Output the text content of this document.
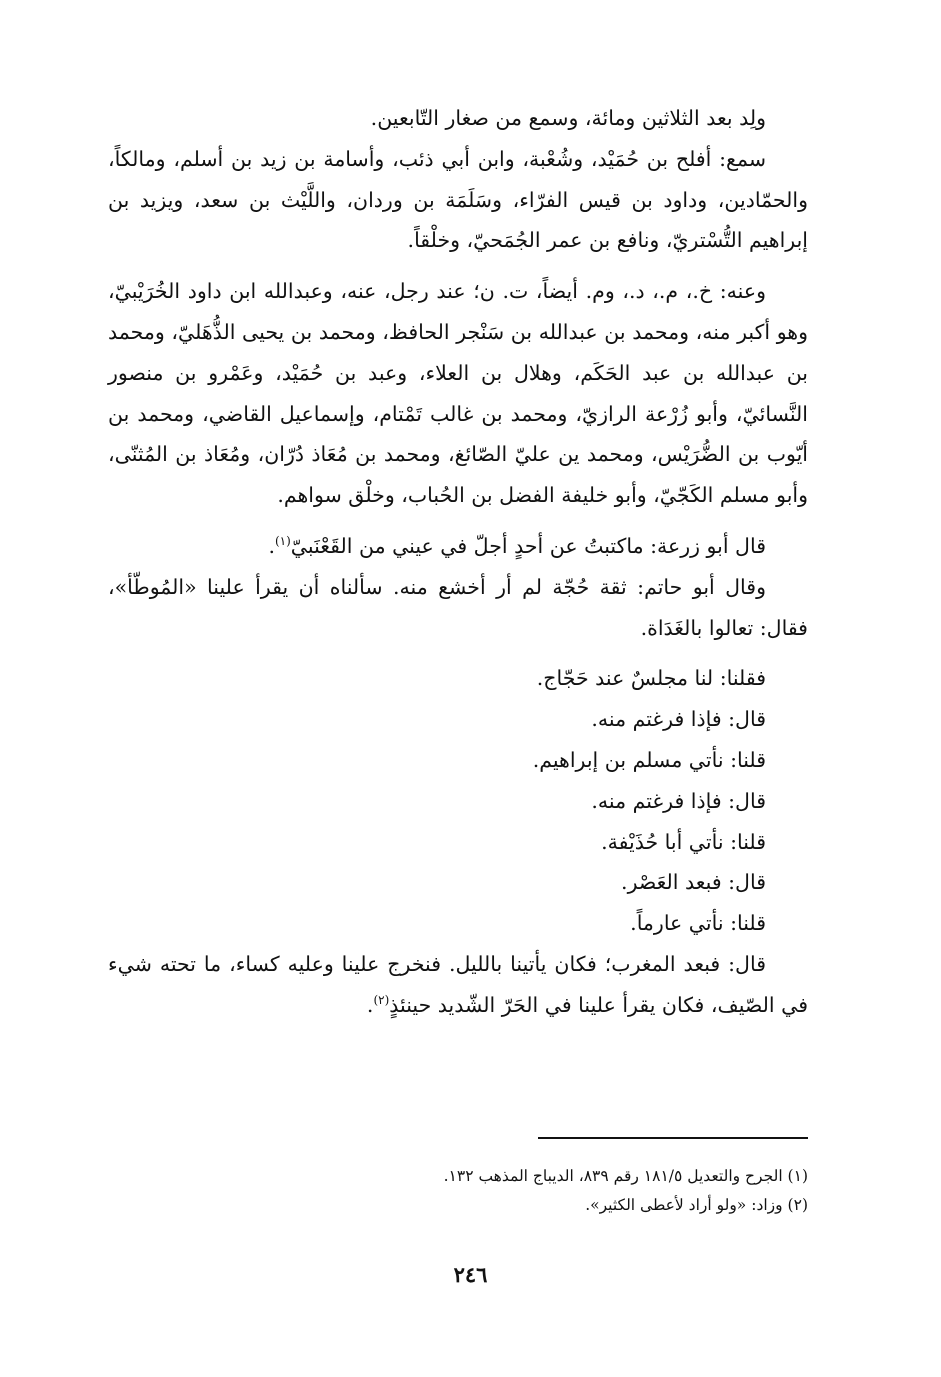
ولِد بعد الثلاثين ومائة، وسمع من صغار التّابعين.

سمع: أفلح بن حُمَيْد، وشُعْبة، وابن أبي ذئب، وأسامة بن زيد بن أسلم، ومالكاً، والحمّادين، وداود بن قيس الفرّاء، وسَلَمَة بن وردان، واللَّيْث بن سعد، ويزيد بن إبراهيم التُّسْتريّ، ونافع بن عمر الجُمَحيّ، وخلْقاً.

وعنه: خ.، م.، د.، وم. أيضاً، ت. ن؛ عند رجل، عنه، وعبدالله ابن داود الخُرَيْبيّ، وهو أكبر منه، ومحمد بن عبدالله بن سَنْجر الحافظ، ومحمد بن يحيى الذُّهَليّ، ومحمد بن عبدالله بن عبد الحَكَم، وهلال بن العلاء، وعبد بن حُمَيْد، وعَمْرو بن منصور النَّسائيّ، وأبو زُرْعة الرازيّ، ومحمد بن غالب تَمْتام، وإسماعيل القاضي، ومحمد بن أيّوب بن الضُّرَيْس، ومحمد ين عليّ الصّائغ، ومحمد بن مُعَاذ دُرّان، ومُعَاذ بن المُثنّى، وأبو مسلم الكَجّيّ، وأبو خليفة الفضل بن الحُباب، وخلْق سواهم.

قال أبو زرعة: ماكتبتُ عن أحدٍ أجلّ في عيني من القَعْنَبيّ$^{(١)}$.

وقال أبو حاتم: ثقة حُجّة لم أر أخشع منه. سألناه أن يقرأ علينا «المُوطّأ»، فقال: تعالوا بالغَدَاة.

فقلنا: لنا مجلسٌ عند حَجّاج.
قال: فإذا فرغتم منه.
قلنا: نأتي مسلم بن إبراهيم.
قال: فإذا فرغتم منه.
قلنا: نأتي أبا حُذَيْفة.
قال: فبعد العَصْر.
قلنا: نأتي عارماً.

قال: فبعد المغرب؛ فكان يأتينا بالليل. فنخرج علينا وعليه كساء، ما تحته شيء في الصّيف، فكان يقرأ علينا في الحَرّ الشّديد حينئذٍ$^{(٢)}$.

(١) الجرح والتعديل ١٨١/٥ رقم ٨٣٩، الديباج المذهب ١٣٢.

(٢) وزاد: «ولو أراد لأعطى الكثير».

٢٤٦
